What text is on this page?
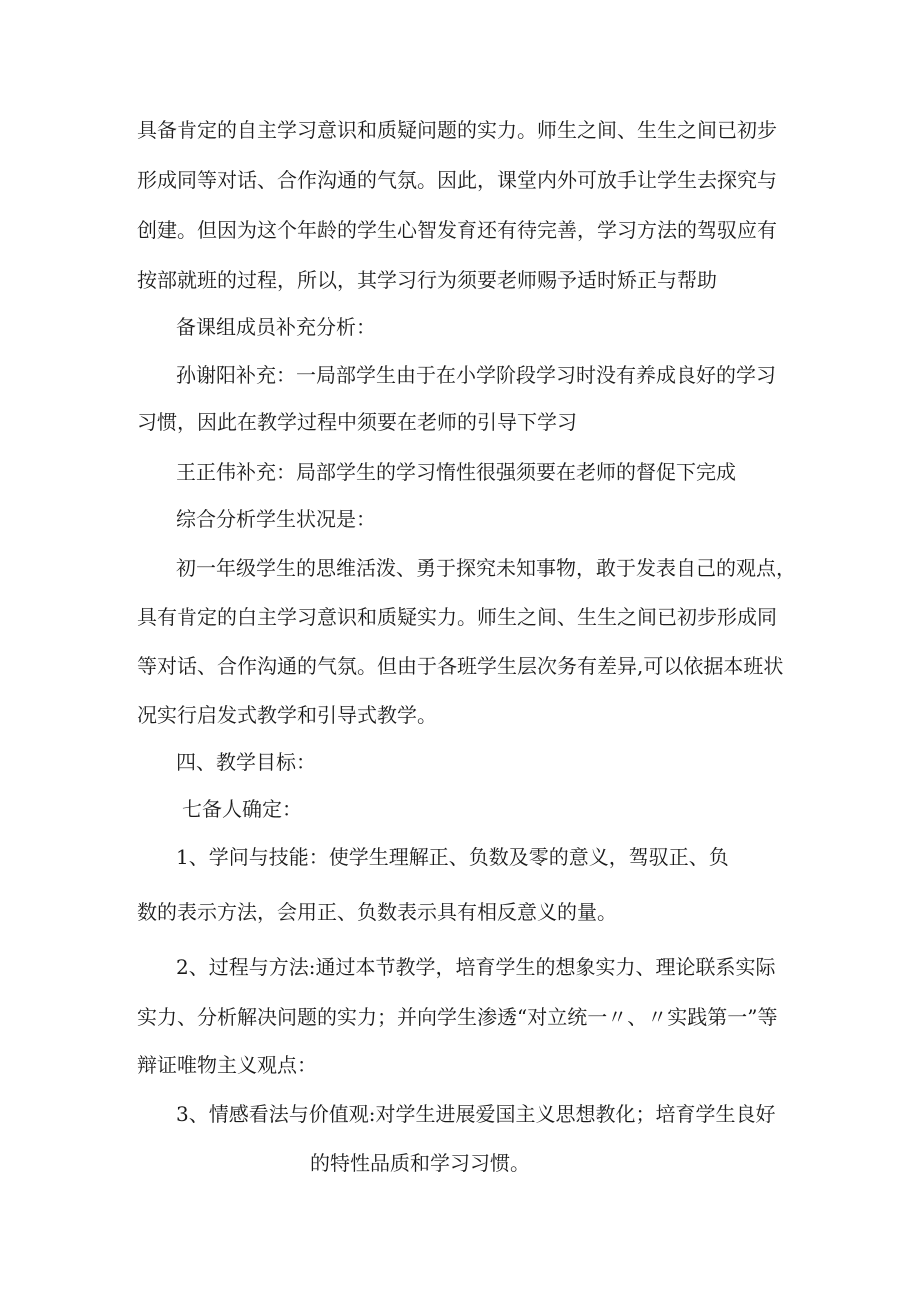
具备肯定的自主学习意识和质疑问题的实力。师生之间、生生之间已初步
形成同等对话、合作沟通的气氛。因此，课堂内外可放手让学生去探究与
创建。但因为这个年龄的学生心智发育还有待完善，学习方法的驾驭应有
按部就班的过程，所以，其学习行为须要老师赐予适时矫正与帮助
备课组成员补充分析：
孙谢阳补充：一局部学生由于在小学阶段学习时没有养成良好的学习
习惯，因此在教学过程中须要在老师的引导下学习
王正伟补充：局部学生的学习惰性很强须要在老师的督促下完成
综合分析学生状况是：
初一年级学生的思维活泼、勇于探究未知事物，敢于发表自己的观点，
具有肯定的白主学习意识和质疑实力。师生之间、生生之间已初步形成同
等对话、合作沟通的气氛。但由于各班学生层次务有差异,可以依据本班状
况实行启发式教学和引导式教学。
四、教学目标：
七备人确定：
1、学问与技能：使学生理解正、负数及零的意义，驾驭正、负
数的表示方法，会用正、负数表示具有相反意义的量。
2、过程与方法:通过本节教学，培育学生的想象实力、理论联系实际
实力、分析解决问题的实力；并向学生渗透“对立统一〃、〃实践第一”等
辩证唯物主义观点：
3、情感看法与价值观:对学生进展爱国主义思想教化；培育学生良好
的特性品质和学习习惯。
